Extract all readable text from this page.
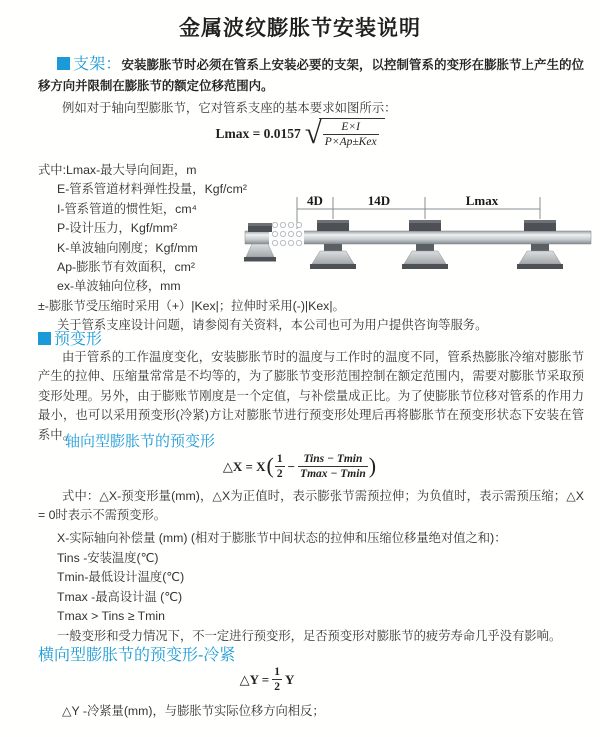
金属波纹膨胀节安装说明
支架：安装膨胀节时必须在管系上安装必要的支架，以控制管系的变形在膨胀节上产生的位移方向并限制在膨胀节的额定位移范围内。
例如对于轴向型膨胀节，它对管系支座的基本要求如图所示：
Lmax = 0.0157 √ $\frac{E\times I}{\text{P×Ap±Kex}}$
式中:Lmax-最大导向间距，m
E-管系管道材料弹性投量，Kgf/cm²
I-管系管道的惯性矩，cm⁴
P-设计压力，Kgf/mm²
K-单波轴向刚度；Kgf/mm
Ap-膨胀节有效面积，cm²
ex-单波轴向位移，mm
±-膨胀节受压缩时采用（+）|Kex|；拉伸时采用(-)|Kex|。
关于管系支座设计问题，请参阅有关资料，本公司也可为用户提供咨询等服务。
4D	14D	Lmax
预变形
由于管系的工作温度变化，安装膨胀节时的温度与工作时的温度不同，管系热膨胀冷缩对膨胀节产生的拉伸、压缩量常常是不均等的，为了膨胀节变形范围控制在额定范围内，需要对膨胀节采取预变形处理。另外，由于膨账节刚度是一个定值，与补偿量成正比。为了使膨胀节位移对管系的作用力最小，也可以采用预变形(冷紧)方让对膨胀节进行预变形处理后再将膨胀节在预变形状态下安装在管系中。
轴向型膨胀节的预变形
△X = X ( $\frac{1}{2} - \frac{\text{Tins − Tmin}}{Tmax - Tmin}$ )
式中：△X-预变形量(mm)，△X为正值时，表示膨张节需预拉伸；为负值时，表示需预压缩；△X = 0时表示不需预变形。
X-实际轴向补偿量 (mm) (相对于膨胀节中间状态的拉伸和压缩位移量绝对值之和)：
Tins -安装温度(℃)
Tmin-最低设计温度(℃)
Tmax -最高设计温 (℃)
Tmax > Tins ≥ Tmin
一般变形和受力情况下，不一定进行预变形，足否预变形对膨胀节的疲劳寿命几乎没有影响。
横向型膨胀节的预变形-冷紧
△Y = $\frac{1}{2}$ Y
△Y -冷紧量(mm)，与膨胀节实际位移方向相反；
